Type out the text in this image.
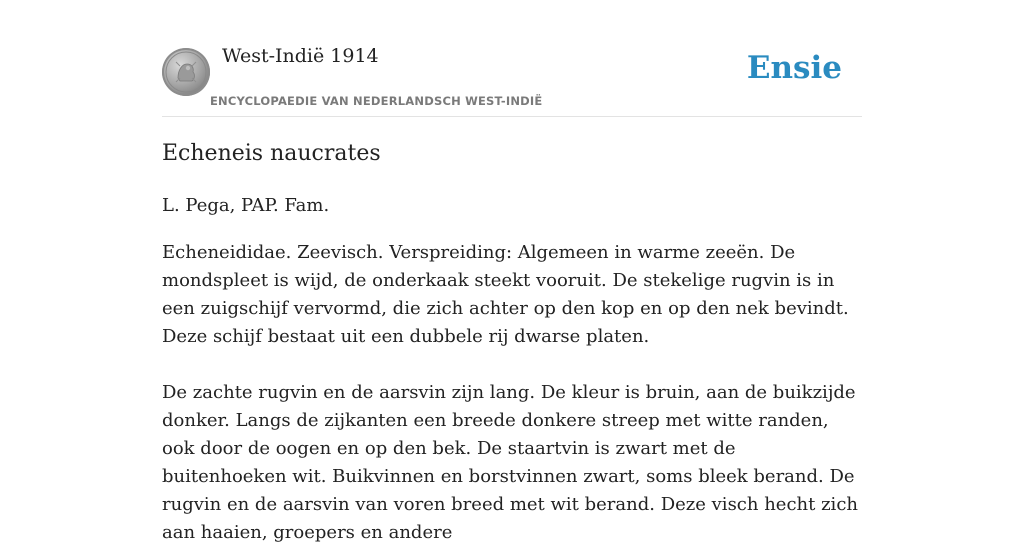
West-Indië 1914
ENCYCLOPAEDIE VAN NEDERLANDSCH WEST-INDIË
Ensie
Echeneis naucrates

L. Pega, PAP. Fam.

Echeneididae. Zeevisch. Verspreiding: Algemeen in warme zeeën. De mondspleet is wijd, de onderkaak steekt vooruit. De stekelige rugvin is in een zuigschijf vervormd, die zich achter op den kop en op den nek bevindt. Deze schijf bestaat uit een dubbele rij dwarse platen.

De zachte rugvin en de aarsvin zijn lang. De kleur is bruin, aan de buikzijde donker. Langs de zijkanten een breede donkere streep met witte randen, ook door de oogen en op den bek. De staartvin is zwart met de buitenhoeken wit. Buikvinnen en borstvinnen zwart, soms bleek berand. De rugvin en de aarsvin van voren breed met wit berand. Deze visch hecht zich aan haaien, groepers en andere
